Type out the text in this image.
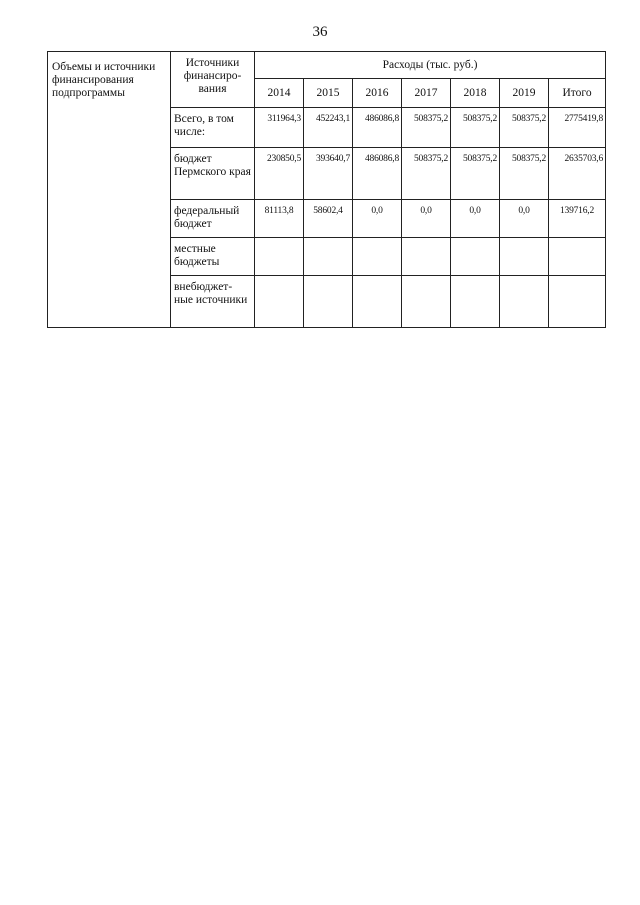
36
Объемы и источники финансирования подпрограммы	Источники финансиро-вания	Расходы (тыс. руб.)						
		2014	2015	2016	2017	2018	2019	Итого
	Всего, в том числе:	311964,3	452243,1	486086,8	508375,2	508375,2	508375,2	2775419,8
	бюджет Пермского края	230850,5	393640,7	486086,8	508375,2	508375,2	508375,2	2635703,6
	федеральный бюджет	81113,8	58602,4	0,0	0,0	0,0	0,0	139716,2
	местные бюджеты							
	внебюджет-ные источники							
